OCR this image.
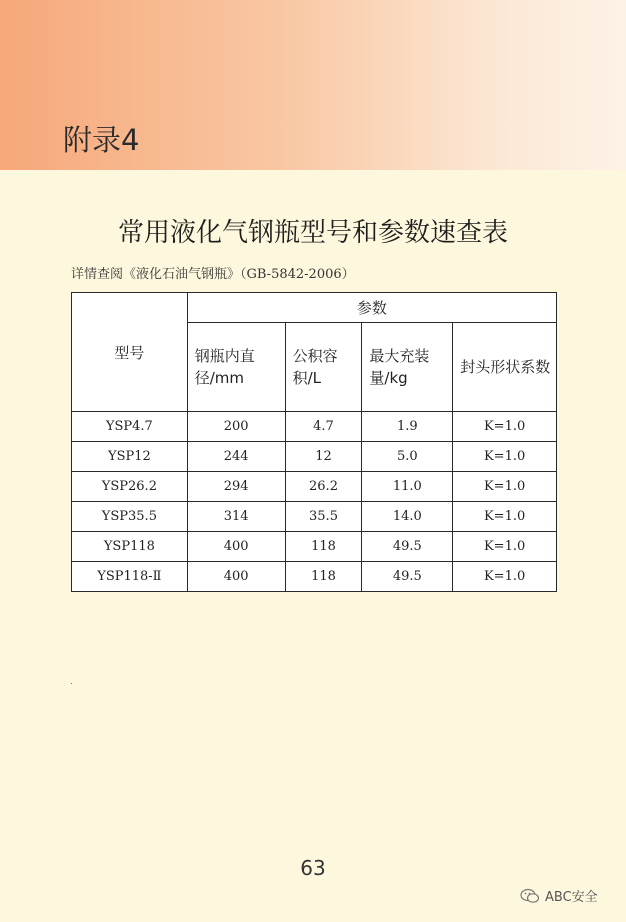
附录4
常用液化气钢瓶型号和参数速查表
详情查阅《液化石油气钢瓶》（GB-5842-2006）
型号	参数			
	钢瓶内直径/mm	公积容积/L	最大充装量/kg	封头形状系数
YSP4.7	200	4.7	1.9	K=1.0
YSP12	244	12	5.0	K=1.0
YSP26.2	294	26.2	11.0	K=1.0
YSP35.5	314	35.5	14.0	K=1.0
YSP118	400	118	49.5	K=1.0
YSP118-Ⅱ	400	118	49.5	K=1.0
63
ABC安全
